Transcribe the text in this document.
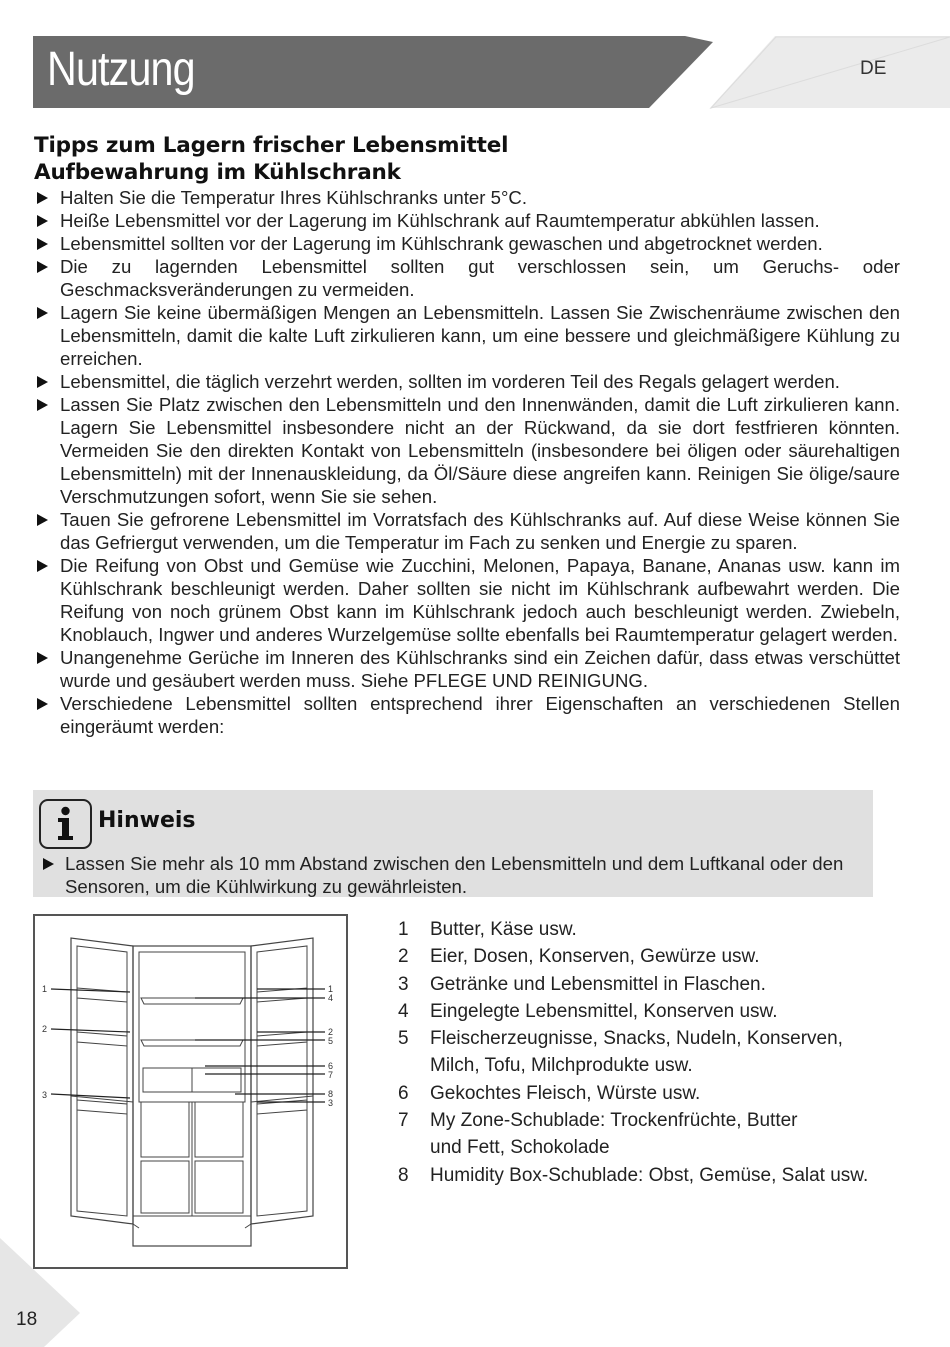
Nutzung	DE
Tipps zum Lagern frischer Lebensmittel
Aufbewahrung im Kühlschrank
Halten Sie die Temperatur Ihres Kühlschranks unter 5°C.
Heiße Lebensmittel vor der Lagerung im Kühlschrank auf Raumtemperatur abkühlen lassen.
Lebensmittel sollten vor der Lagerung im Kühlschrank gewaschen und abgetrocknet werden.
Die zu lagernden Lebensmittel sollten gut verschlossen sein, um Geruchs- oder Geschmacksveränderungen zu vermeiden.
Lagern Sie keine übermäßigen Mengen an Lebensmitteln. Lassen Sie Zwischenräume zwischen den Lebensmitteln, damit die kalte Luft zirkulieren kann, um eine bessere und gleichmäßigere Kühlung zu erreichen.
Lebensmittel, die täglich verzehrt werden, sollten im vorderen Teil des Regals gelagert werden.
Lassen Sie Platz zwischen den Lebensmitteln und den Innenwänden, damit die Luft zirkulieren kann. Lagern Sie Lebensmittel insbesondere nicht an der Rückwand, da sie dort festfrieren könnten. Vermeiden Sie den direkten Kontakt von Lebensmitteln (insbesondere bei öligen oder säurehaltigen Lebensmitteln) mit der Innenauskleidung, da Öl/Säure diese angreifen kann. Reinigen Sie ölige/saure Verschmutzungen sofort, wenn Sie sie sehen.
Tauen Sie gefrorene Lebensmittel im Vorratsfach des Kühlschranks auf. Auf diese Weise können Sie das Gefriergut verwenden, um die Temperatur im Fach zu senken und Energie zu sparen.
Die Reifung von Obst und Gemüse wie Zucchini, Melonen, Papaya, Banane, Ananas usw. kann im Kühlschrank beschleunigt werden. Daher sollten sie nicht im Kühlschrank aufbewahrt werden. Die Reifung von noch grünem Obst kann im Kühlschrank jedoch auch beschleunigt werden. Zwiebeln, Knoblauch, Ingwer und anderes Wurzelgemüse sollte ebenfalls bei Raumtemperatur gelagert werden.
Unangenehme Gerüche im Inneren des Kühlschranks sind ein Zeichen dafür, dass etwas verschüttet wurde und gesäubert werden muss. Siehe PFLEGE UND REINIGUNG.
Verschiedene Lebensmittel sollten entsprechend ihrer Eigenschaften an verschiedenen Stellen eingeräumt werden:
Hinweis
Lassen Sie mehr als 10 mm Abstand zwischen den Lebensmitteln und dem Luftkanal oder den Sensoren, um die Kühlwirkung zu gewährleisten.
1
2
3
1
4
2
5
6
7
8
3
1 Butter, Käse usw.
2 Eier, Dosen, Konserven, Gewürze usw.
3 Getränke und Lebensmittel in Flaschen.
4 Eingelegte Lebensmittel, Konserven usw.
5 Fleischerzeugnisse, Snacks, Nudeln, Konserven, Milch, Tofu, Milchprodukte usw.
6 Gekochtes Fleisch, Würste usw.
7 My Zone-Schublade: Trockenfrüchte, Butter und Fett, Schokolade
8 Humidity Box-Schublade: Obst, Gemüse, Salat usw.
18
